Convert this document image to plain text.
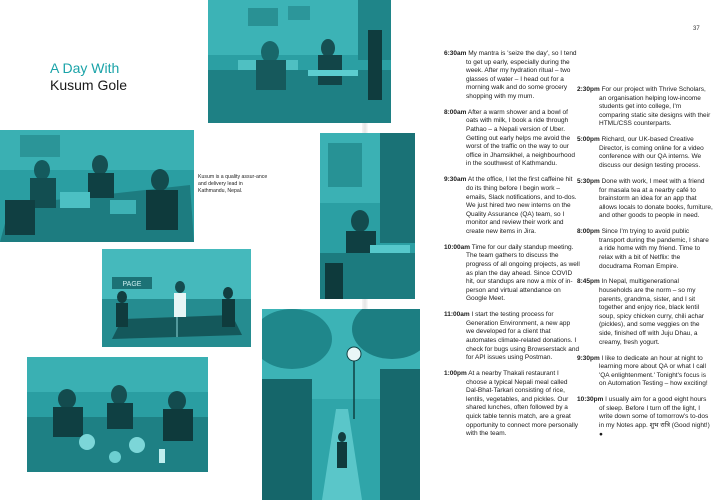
A Day With
Kusum Gole
Kusum is a quality assur-ance and delivery lead in Kathmandu, Nepal.
PAGE
37
6:30am My mantra is 'seize the day', so I tend to get up early, especially during the week. After my hydration ritual – two glasses of water – I head out for a morning walk and do some grocery shopping with my mum.
8:00am After a warm shower and a bowl of oats with milk, I book a ride through Pathao – a Nepali version of Uber. Getting out early helps me avoid the worst of the traffic on the way to our office in Jhamsikhel, a neighbourhood in the southwest of Kathmandu.
9:30am At the office, I let the first caffeine hit do its thing before I begin work – emails, Slack notifications, and to-dos. We just hired two new interns on the Quality Assurance (QA) team, so I monitor and review their work and create new items in Jira.
10:00am Time for our daily standup meeting. The team gathers to discuss the progress of all ongoing projects, as well as plan the day ahead. Since COVID hit, our standups are now a mix of in-person and virtual attendance on Google Meet.
11:00am I start the testing process for Generation Environment, a new app we developed for a client that automates climate-related donations. I check for bugs using Browserstack and for API issues using Postman.
1:00pm At a nearby Thakali restaurant I choose a typical Nepali meal called Dal-Bhat-Tarkari consisting of rice, lentils, vegetables, and pickles. Our shared lunches, often followed by a quick table tennis match, are a great opportunity to connect more personally with the team.
2:30pm For our project with Thrive Scholars, an organisation helping low-income students get into college, I'm comparing static site designs with their HTML/CSS counterparts.
5:00pm Richard, our UK-based Creative Director, is coming online for a video conference with our QA interns. We discuss our design testing process.
5:30pm Done with work, I meet with a friend for masala tea at a nearby café to brainstorm an idea for an app that allows locals to donate books, furniture, and other goods to people in need.
8:00pm Since I'm trying to avoid public transport during the pandemic, I share a ride home with my friend. Time to relax with a bit of Netflix: the docudrama Roman Empire.
8:45pm In Nepal, multigenerational households are the norm – so my parents, grandma, sister, and I sit together and enjoy rice, black lentil soup, spicy chicken curry, chili achar (pickles), and some veggies on the side, finished off with Juju Dhau, a creamy, fresh yogurt.
9:30pm I like to dedicate an hour at night to learning more about QA or what I call 'QA enlightenment.' Tonight's focus is on Automation Testing – how exciting!
10:30pm I usually aim for a good eight hours of sleep. Before I turn off the light, I write down some of tomorrow's to-dos in my Notes app. शुभ रात्रि (Good night!) ●
